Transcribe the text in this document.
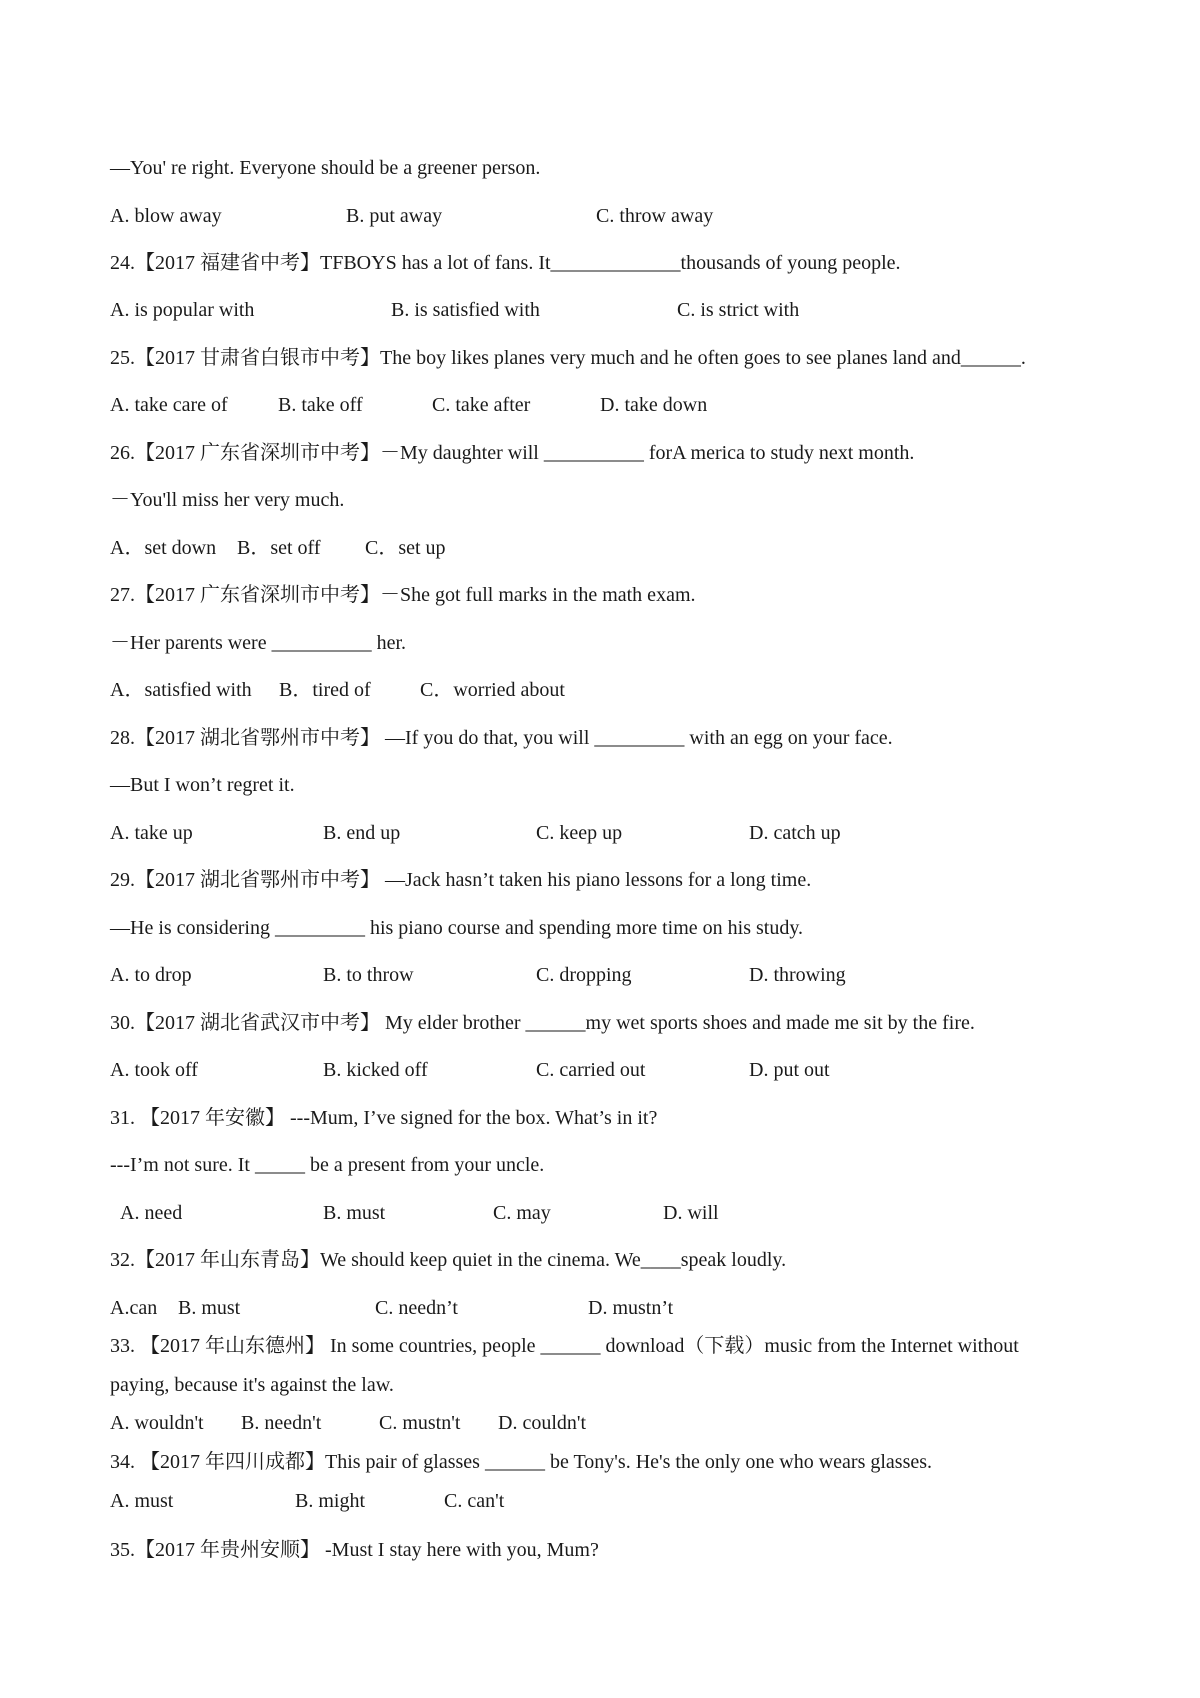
—You' re right. Everyone should be a greener person.
A. blow away	B. put away	C. throw away
24.【2017 福建省中考】TFBOYS has a lot of fans. It_____________thousands of young people.
A. is popular with	B. is satisfied with	C. is strict with
25.【2017 甘肃省白银市中考】The boy likes planes very much and he often goes to see planes land and______.
A. take care of	B. take off	C. take after	D. take down
26.【2017 广东省深圳市中考】－My daughter will __________ forA merica to study next month.
－You'll miss her very much.
A．set down B．set off C．set up
27.【2017 广东省深圳市中考】－She got full marks in the math exam.
－Her parents were __________ her.
A．satisfied with B．tired of C．worried about
28.【2017 湖北省鄂州市中考】 —If you do that, you will _________ with an egg on your face.
—But I won’t regret it.
A. take up	B. end up	C. keep up	D. catch up
29.【2017 湖北省鄂州市中考】 —Jack hasn’t taken his piano lessons for a long time.
—He is considering _________ his piano course and spending more time on his study.
A. to drop	B. to throw	C. dropping	D. throwing
30.【2017 湖北省武汉市中考】 My elder brother ______my wet sports shoes and made me sit by the fire.
A. took off	B. kicked off	C. carried out	D. put out
31. 【2017 年安徽】 ---Mum, I’ve signed for the box. What’s in it?
---I’m not sure. It _____ be a present from your uncle.
A. need	B. must	C. may	D. will
32.【2017 年山东青岛】We should keep quiet in the cinema. We____speak loudly.
A.can B. must	C. needn’t	D. mustn’t
33. 【2017 年山东德州】 In some countries, people ______ download（下载）music from the Internet without
paying, because it's against the law.
A. wouldn't B. needn't	C. mustn't D. couldn't
34. 【2017 年四川成都】This pair of glasses ______ be Tony's. He's the only one who wears glasses.
A. must	B. might	C. can't
35.【2017 年贵州安顺】 -Must I stay here with you, Mum?
